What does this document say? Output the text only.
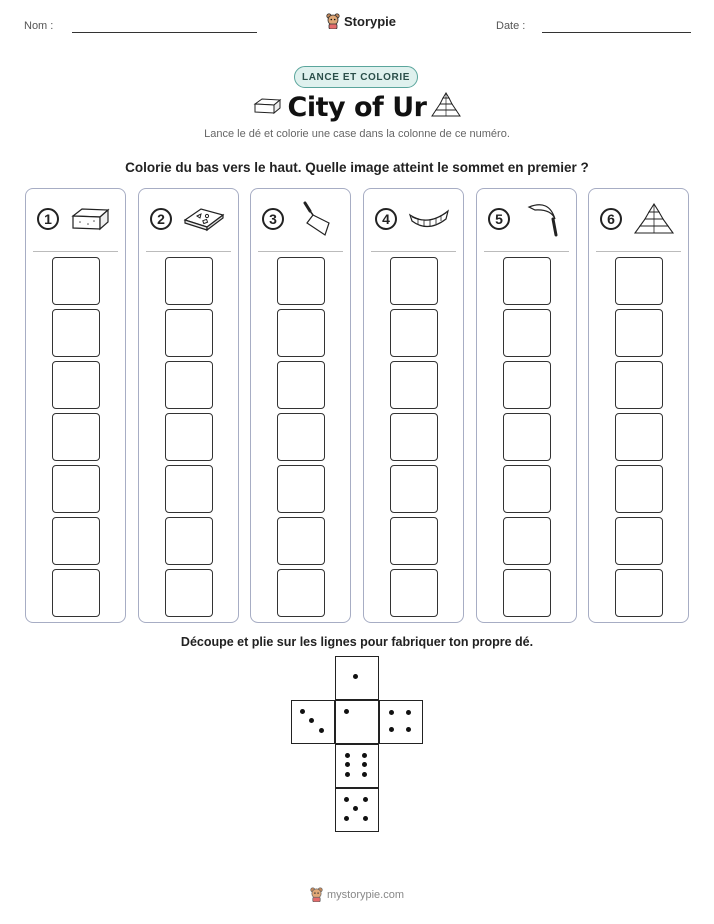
Nom :	Storypie	Date :
LANCE ET COLORIE
City of Ur
Lance le dé et colorie une case dans la colonne de ce numéro.
Colorie du bas vers le haut. Quelle image atteint le sommet en premier ?
1	2	3	4	5	6
Découpe et plie sur les lignes pour fabriquer ton propre dé.
mystorypie.com
